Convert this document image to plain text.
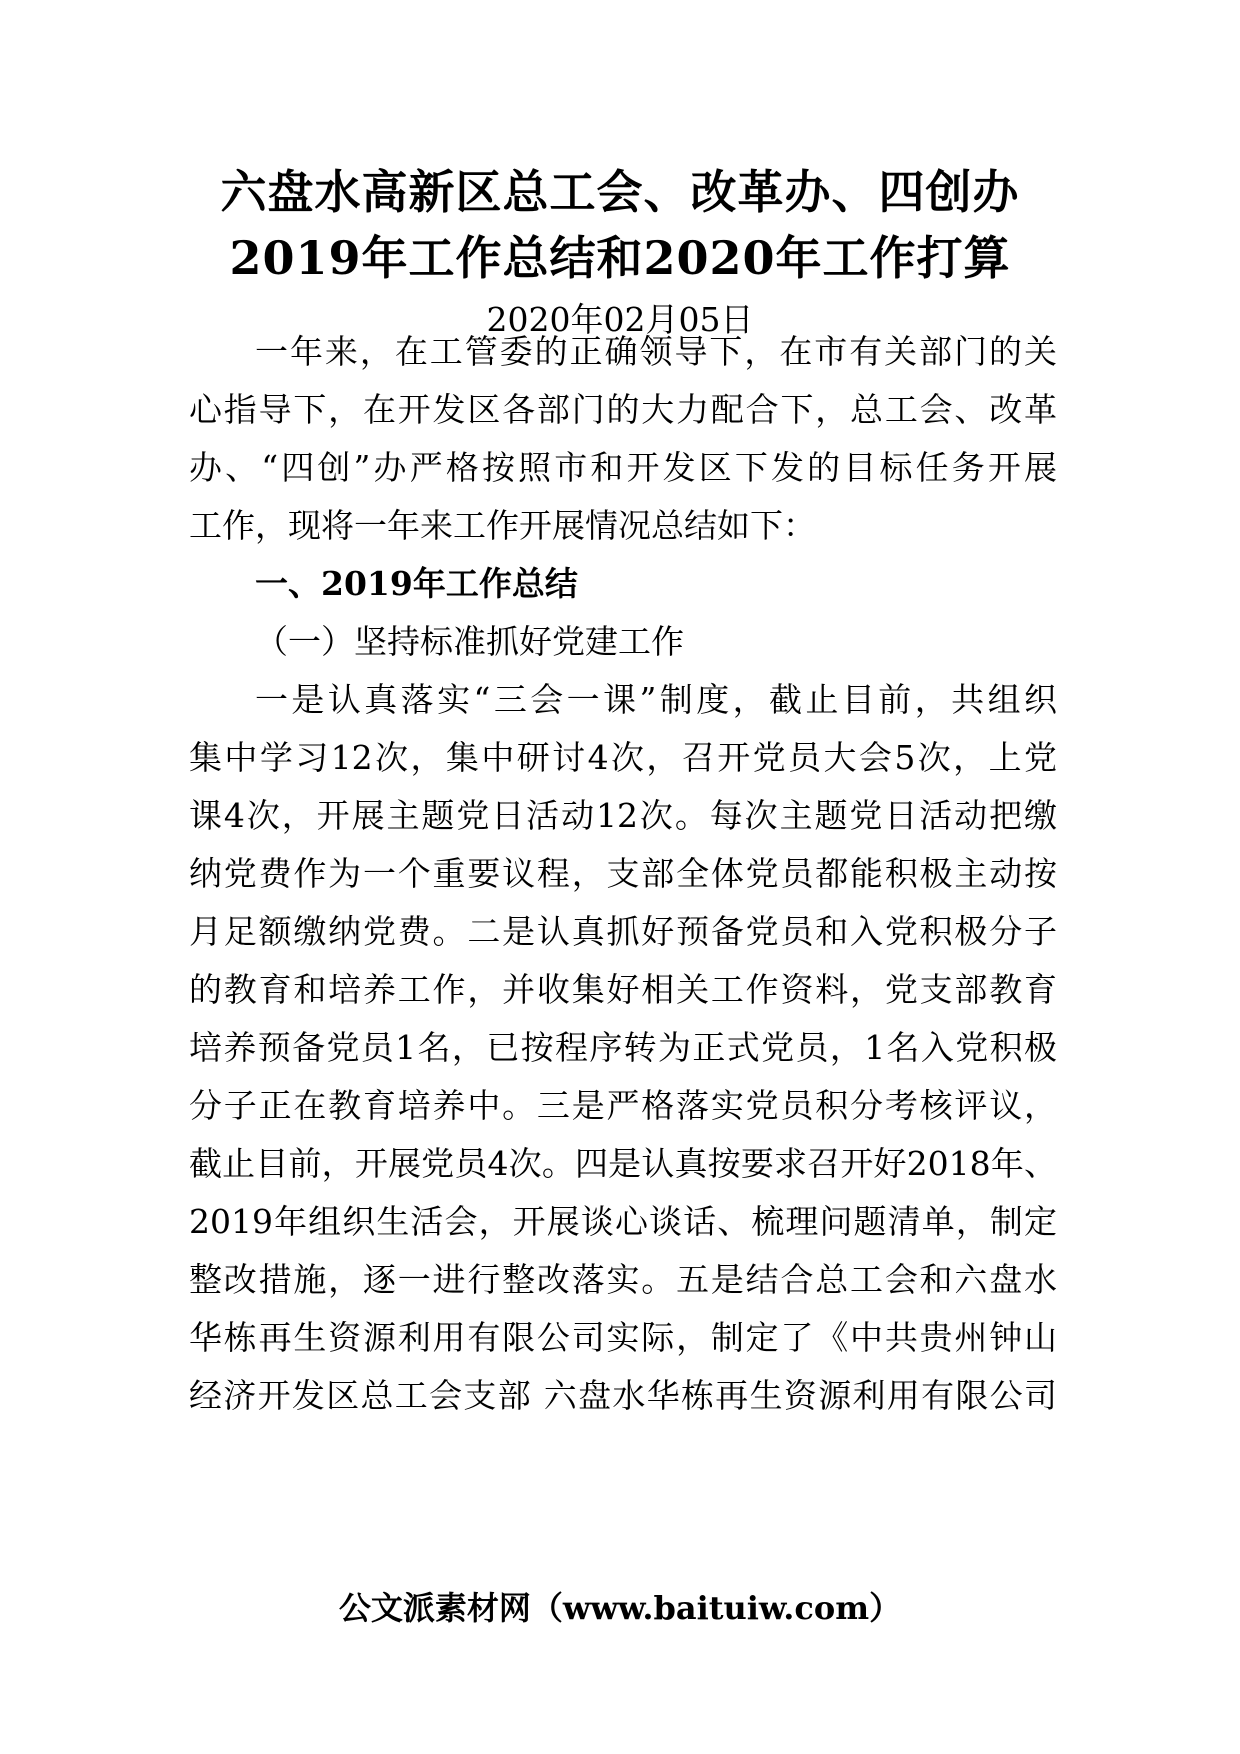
六盘水高新区总工会、改革办、四创办
2019年工作总结和2020年工作打算
2020年02月05日
一年来，在工管委的正确领导下，在市有关部门的关
心指导下，在开发区各部门的大力配合下，总工会、改革
办、“四创”办严格按照市和开发区下发的目标任务开展
工作，现将一年来工作开展情况总结如下：
一、2019年工作总结
（一）坚持标准抓好党建工作
一是认真落实“三会一课”制度，截止目前，共组织
集中学习12次，集中研讨4次，召开党员大会5次，上党
课4次，开展主题党日活动12次。每次主题党日活动把缴
纳党费作为一个重要议程，支部全体党员都能积极主动按
月足额缴纳党费。二是认真抓好预备党员和入党积极分子
的教育和培养工作，并收集好相关工作资料，党支部教育
培养预备党员1名，已按程序转为正式党员，1名入党积极
分子正在教育培养中。三是严格落实党员积分考核评议，
截止目前，开展党员4次。四是认真按要求召开好2018年、
2019年组织生活会，开展谈心谈话、梳理问题清单，制定
整改措施，逐一进行整改落实。五是结合总工会和六盘水
华栋再生资源利用有限公司实际，制定了《中共贵州钟山
经济开发区总工会支部 六盘水华栋再生资源利用有限公司
公文派素材网（www.baituiw.com）
